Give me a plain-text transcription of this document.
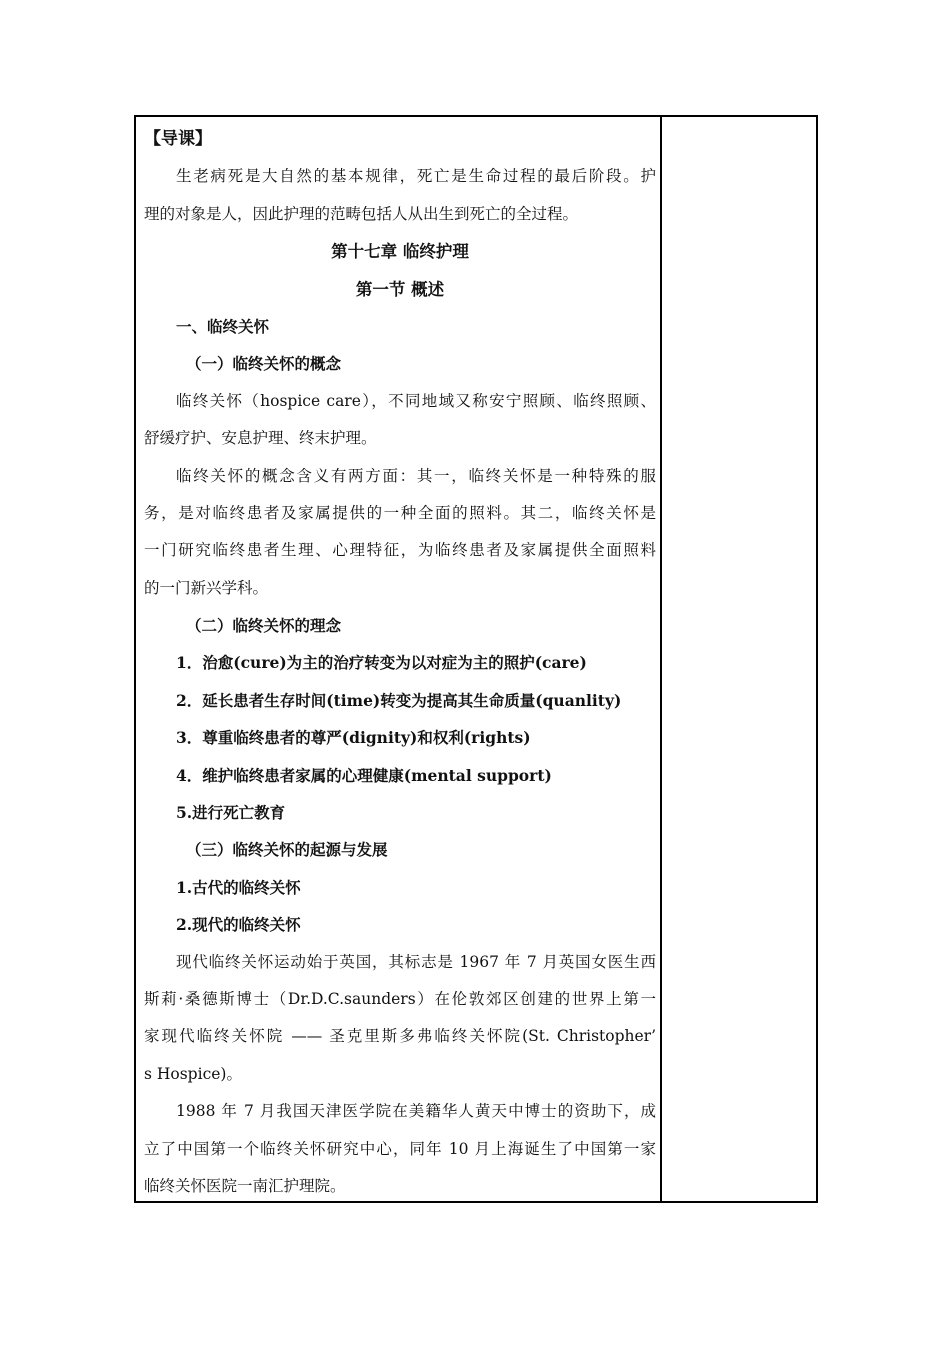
【导课】
生老病死是大自然的基本规律，死亡是生命过程的最后阶段。护
理的对象是人，因此护理的范畴包括人从出生到死亡的全过程。
第十七章 临终护理
第一节 概述
一、临终关怀
（一）临终关怀的概念
临终关怀（hospice care），不同地域又称安宁照顾、临终照顾、
舒缓疗护、安息护理、终末护理。
临终关怀的概念含义有两方面：其一，临终关怀是一种特殊的服
务，是对临终患者及家属提供的一种全面的照料。其二，临终关怀是
一门研究临终患者生理、心理特征，为临终患者及家属提供全面照料
的一门新兴学科。
（二）临终关怀的理念
1．治愈(cure)为主的治疗转变为以对症为主的照护(care)
2．延长患者生存时间(time)转变为提高其生命质量(quanlity)
3．尊重临终患者的尊严(dignity)和权利(rights)
4．维护临终患者家属的心理健康(mental support)
5.进行死亡教育
（三）临终关怀的起源与发展
1.古代的临终关怀
2.现代的临终关怀
现代临终关怀运动始于英国，其标志是 1967 年 7 月英国女医生西
斯莉·桑德斯博士（Dr.D.C.saunders）在伦敦郊区创建的世界上第一
家现代临终关怀院 —— 圣克里斯多弗临终关怀院(St. Christopher’
s Hospice)。
1988 年 7 月我国天津医学院在美籍华人黄天中博士的资助下，成
立了中国第一个临终关怀研究中心，同年 10 月上海诞生了中国第一家
临终关怀医院一南汇护理院。
